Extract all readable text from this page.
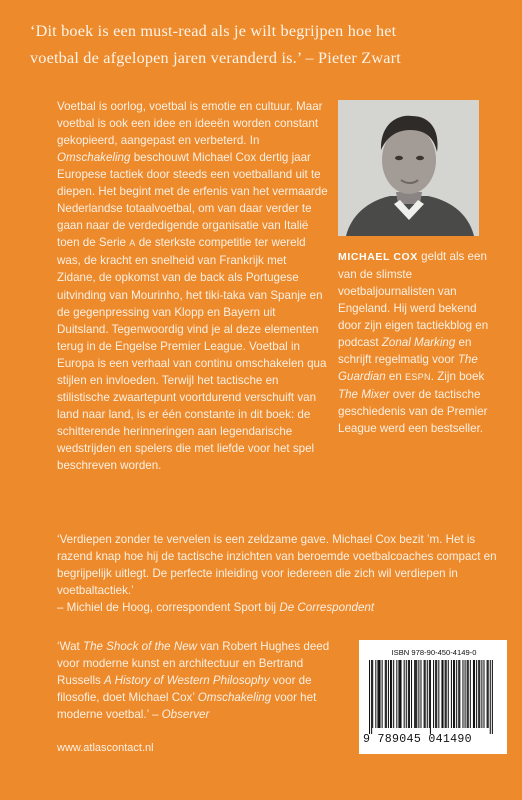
‘Dit boek is een must-read als je wilt begrijpen hoe het
voetbal de afgelopen jaren veranderd is.’ – Pieter Zwart
Voetbal is oorlog, voetbal is emotie en cultuur. Maar voetbal is ook een idee en ideeën worden constant gekopieerd, aangepast en verbeterd. In Omschakeling beschouwt Michael Cox dertig jaar Europese tactiek door steeds een voetballand uit te diepen. Het begint met de erfenis van het vermaarde Nederlandse totaalvoetbal, om van daar verder te gaan naar de verdedigende organisatie van Italië toen de Serie A de sterkste competitie ter wereld was, de kracht en snelheid van Frankrijk met Zidane, de opkomst van de back als Portugese uitvinding van Mourinho, het tiki-taka van Spanje en de gegenpressing van Klopp en Bayern uit Duitsland. Tegenwoordig vind je al deze elementen terug in de Engelse Premier League. Voetbal in Europa is een verhaal van continu omschakelen qua stijlen en invloeden. Terwijl het tactische en stilistische zwaartepunt voortdurend verschuift van land naar land, is er één constante in dit boek: de schitterende herinneringen aan legendarische wedstrijden en spelers die met liefde voor het spel beschreven worden.
MICHAEL COX geldt als een van de slimste voetbaljournalisten van Engeland. Hij werd bekend door zijn eigen tactiekblog en podcast Zonal Marking en schrijft regelmatig voor The Guardian en ESPN. Zijn boek The Mixer over de tactische geschiedenis van de Premier League werd een bestseller.
‘Verdiepen zonder te vervelen is een zeldzame gave. Michael Cox bezit ’m. Het is razend knap hoe hij de tactische inzichten van beroemde voetbalcoaches compact en begrijpelijk uitlegt. De perfecte inleiding voor iedereen die zich wil verdiepen in voetbaltactiek.’
– Michiel de Hoog, correspondent Sport bij De Correspondent
‘Wat The Shock of the New van Robert Hughes deed voor moderne kunst en architectuur en Bertrand Russells A History of Western Philosophy voor de filosofie, doet Michael Cox’ Omschakeling voor het moderne voetbal.’ – Observer
www.atlascontact.nl
ISBN 978-90-450-4149-0
9 789045 041490
